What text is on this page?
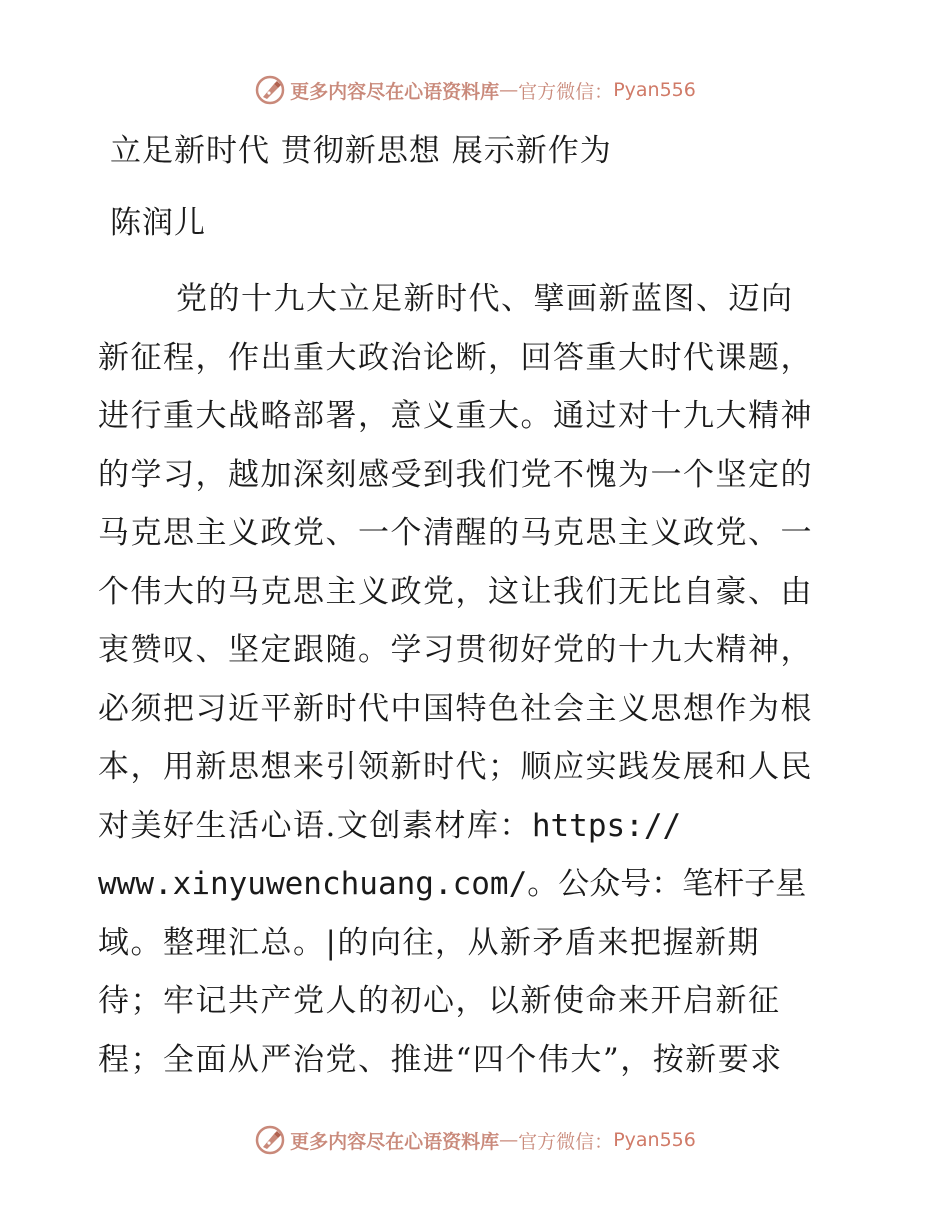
更多内容尽在心语资料库 — 官方微信： Pyan556
立足新时代 贯彻新思想 展示新作为
陈润儿
党的十九大立足新时代、擘画新蓝图、迈向
新征程，作出重大政治论断，回答重大时代课题，
进行重大战略部署，意义重大。通过对十九大精神
的学习，越加深刻感受到我们党不愧为一个坚定的
马克思主义政党、一个清醒的马克思主义政党、一
个伟大的马克思主义政党，这让我们无比自豪、由
衷赞叹、坚定跟随。学习贯彻好党的十九大精神，
必须把习近平新时代中国特色社会主义思想作为根
本，用新思想来引领新时代；顺应实践发展和人民
对美好生活心语.文创素材库：https://
www.xinyuwenchuang.com/。公众号：笔杆子星
域。整理汇总。|的向往，从新矛盾来把握新期
待；牢记共产党人的初心，以新使命来开启新征
程；全面从严治党、推进“四个伟大”，按新要求
更多内容尽在心语资料库 — 官方微信： Pyan556
